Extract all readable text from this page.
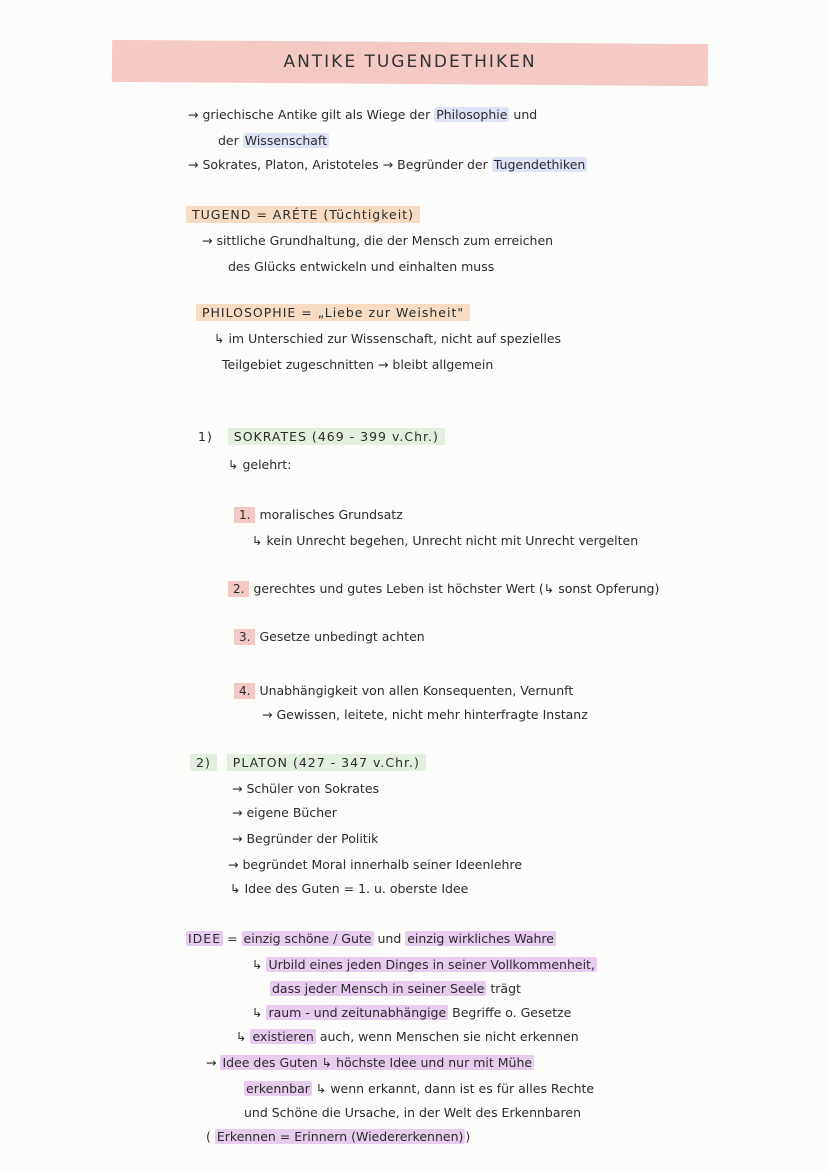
ANTIKE TUGENDETHIKEN
→ griechische Antike gilt als Wiege der Philosophie und
der Wissenschaft
→ Sokrates, Platon, Aristoteles → Begründer der Tugendethiken
TUGEND = ARÉTE (Tüchtigkeit)
→ sittliche Grundhaltung, die der Mensch zum erreichen
des Glücks entwickeln und einhalten muss
PHILOSOPHIE = „Liebe zur Weisheit"
↳ im Unterschied zur Wissenschaft, nicht auf spezielles
Teilgebiet zugeschnitten → bleibt allgemein
1) SOKRATES (469 - 399 v.Chr.)
↳ gelehrt:
1. moralisches Grundsatz
↳ kein Unrecht begehen, Unrecht nicht mit Unrecht vergelten
2. gerechtes und gutes Leben ist höchster Wert (↳ sonst Opferung)
3. Gesetze unbedingt achten
4. Unabhängigkeit von allen Konsequenten, Vernunft
→ Gewissen, leitete, nicht mehr hinterfragte Instanz
2) PLATON (427 - 347 v.Chr.)
→ Schüler von Sokrates
→ eigene Bücher
→ Begründer der Politik
→ begründet Moral innerhalb seiner Ideenlehre
↳ Idee des Guten = 1. u. oberste Idee
IDEE = einzig schöne / Gute und einzig wirkliches Wahre
↳ Urbild eines jeden Dinges in seiner Vollkommenheit,
dass jeder Mensch in seiner Seele trägt
↳ raum - und zeitunabhängige Begriffe o. Gesetze
↳ existieren auch, wenn Menschen sie nicht erkennen
→ Idee des Guten ↳ höchste Idee und nur mit Mühe
erkennbar ↳ wenn erkannt, dann ist es für alles Rechte
und Schöne die Ursache, in der Welt des Erkennbaren
( Erkennen = Erinnern (Wiedererkennen) )
